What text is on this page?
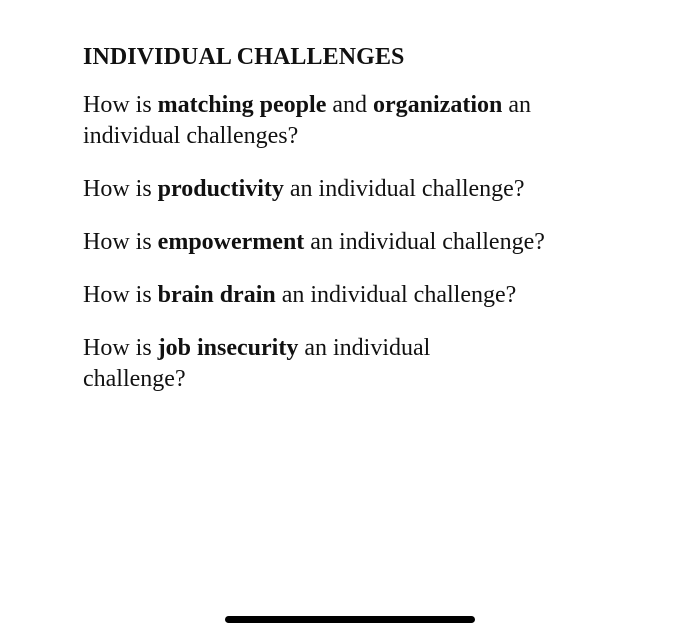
INDIVIDUAL CHALLENGES

How is matching people and organization an individual challenges?

How is productivity an individual challenge?

How is empowerment an individual challenge?

How is brain drain an individual challenge?

How is job insecurity an individual challenge?
